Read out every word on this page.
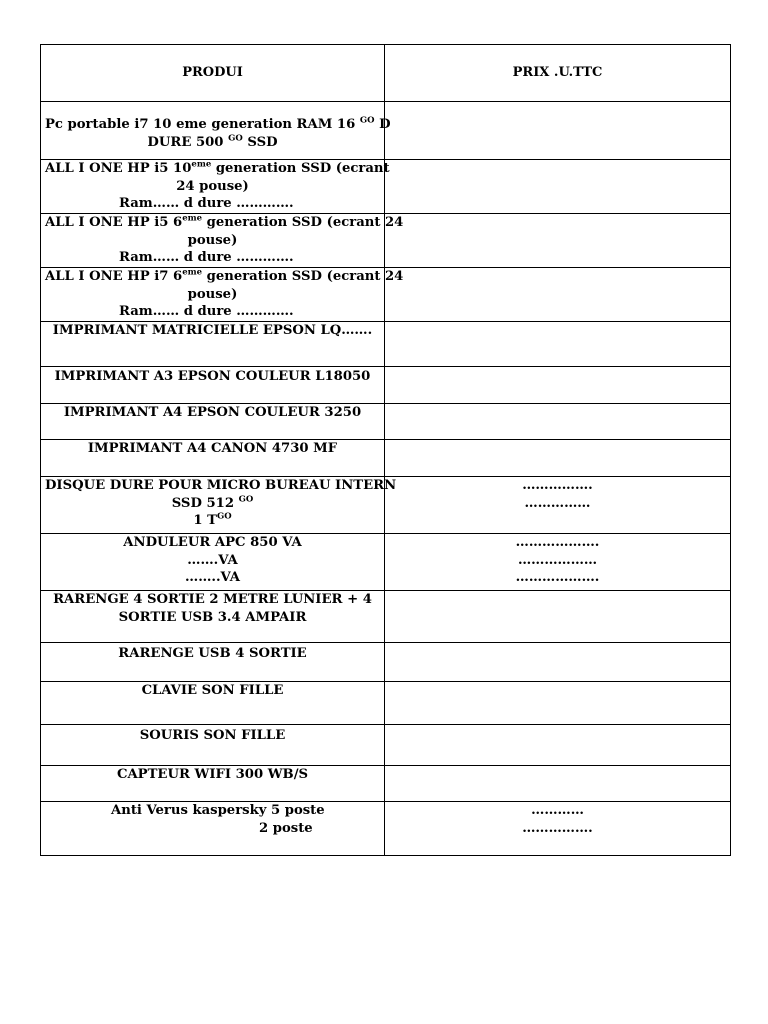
PRODUI	PRIX .U.TTC

Pc portable i7 10 eme generation RAM 16 $^{GO}$ D
DURE 500 $^{GO}$ SSD	

ALL I ONE HP i5 10eme generation SSD (ecrant
24 pouse)
Ram…… d dure ………….	

ALL I ONE HP i5 6eme generation SSD (ecrant 24
pouse)
Ram…… d dure ………….	

ALL I ONE HP i7 6eme generation SSD (ecrant 24
pouse)
Ram…… d dure ………….	

IMPRIMANT MATRICIELLE EPSON LQ…….	

IMPRIMANT A3 EPSON COULEUR L18050	

IMPRIMANT A4 EPSON COULEUR 3250	

IMPRIMANT A4 CANON 4730 MF	

DISQUE DURE POUR MICRO BUREAU INTERN
SSD 512 $^{GO}$
1 $T^{GO}$	…………….
……………

ANDULEUR APC 850 VA
…….VA
……..VA	……………….
………………
……………….

RARENGE 4 SORTIE 2 METRE LUNIER + 4
SORTIE USB 3.4 AMPAIR	

RARENGE USB 4 SORTIE	

CLAVIE SON FILLE	

SOURIS SON FILLE	

CAPTEUR WIFI 300 WB/S	

Anti Verus kaspersky 5 poste
2 poste	…………
…………….
